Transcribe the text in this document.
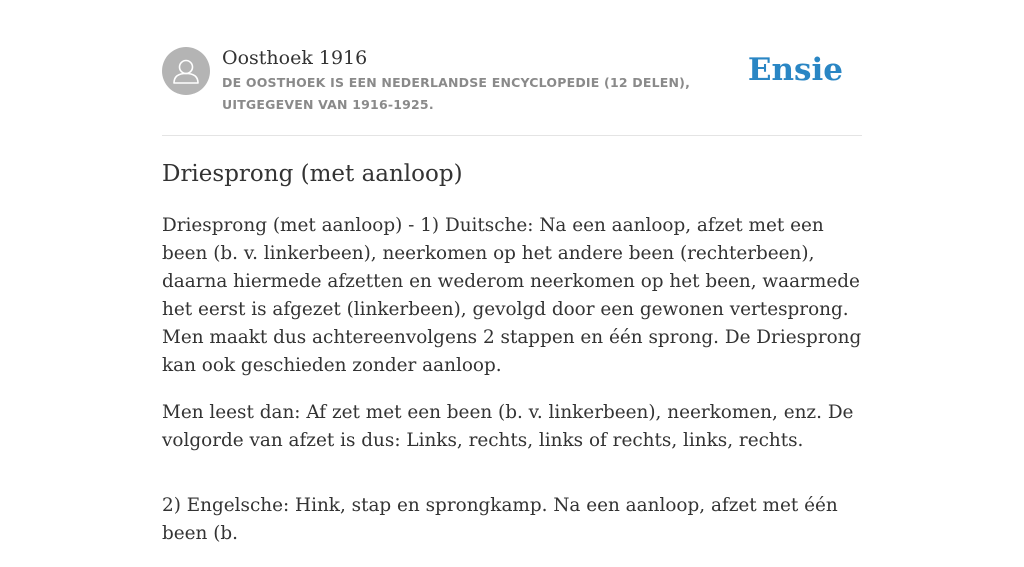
Oosthoek 1916
DE OOSTHOEK IS EEN NEDERLANDSE ENCYCLOPEDIE (12 DELEN), UITGEGEVEN VAN 1916-1925.
Ensie
Driesprong (met aanloop)

Driesprong (met aanloop) - 1) Duitsche: Na een aanloop, afzet met een been (b. v. linkerbeen), neerkomen op het andere been (rechterbeen), daarna hiermede afzetten en wederom neerkomen op het been, waarmede het eerst is afgezet (linkerbeen), gevolgd door een gewonen vertesprong. Men maakt dus achtereenvolgens 2 stappen en één sprong. De Driesprong kan ook geschieden zonder aanloop.

Men leest dan: Af zet met een been (b. v. linkerbeen), neerkomen, enz. De volgorde van afzet is dus: Links, rechts, links of rechts, links, rechts.

2) Engelsche: Hink, stap en sprongkamp. Na een aanloop, afzet met één been (b.
